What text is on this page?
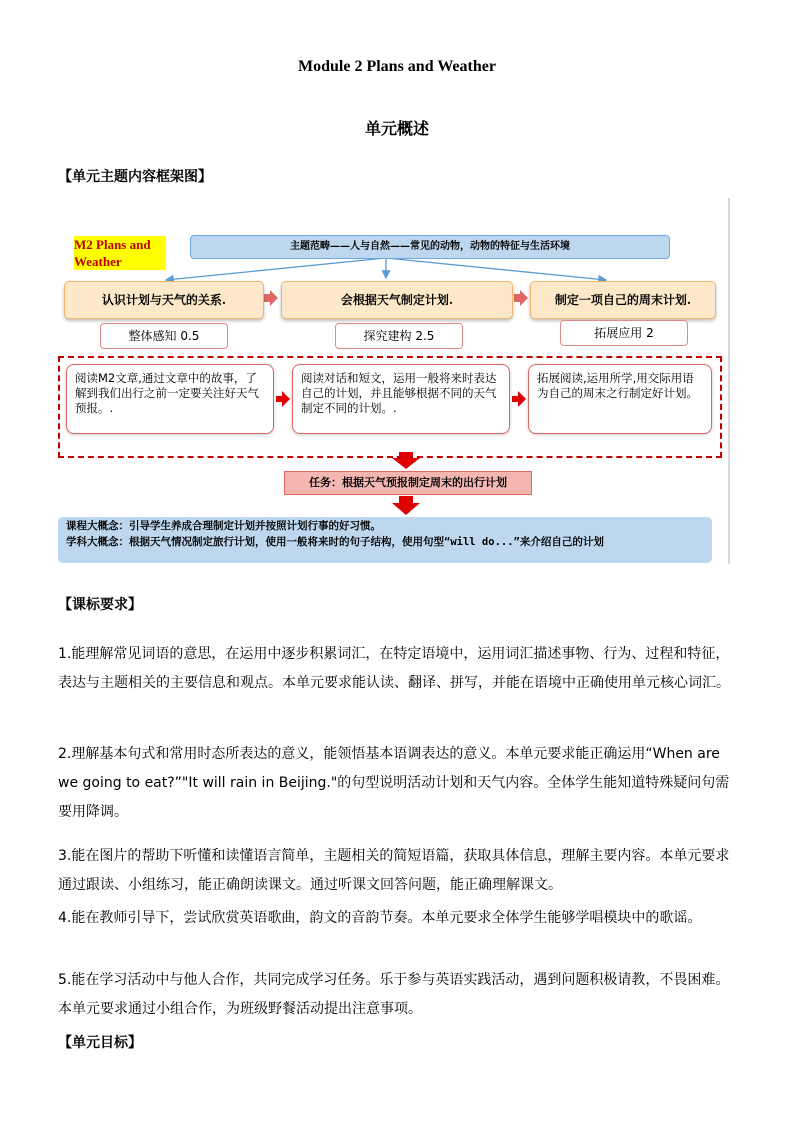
Module 2 Plans and Weather
单元概述
【单元主题内容框架图】
M2 Plans and Weather
主题范畴——人与自然——常见的动物，动物的特征与生活环境
认识计划与天气的关系.	会根据天气制定计划.	制定一项自己的周末计划.
整体感知 0.5	探究建构 2.5	拓展应用 2
阅读M2文章,通过文章中的故事，了解到我们出行之前一定要关注好天气预报。.
阅读对话和短文，运用一般将来时表达自己的计划，并且能够根据不同的天气制定不同的计划。.
拓展阅读,运用所学,用交际用语为自己的周末之行制定好计划。
任务：根据天气预报制定周末的出行计划
课程大概念：引导学生养成合理制定计划并按照计划行事的好习惯。
学科大概念：根据天气情况制定旅行计划，使用一般将来时的句子结构，使用句型“will do...”来介绍自己的计划
【课标要求】
1.能理解常见词语的意思，在运用中逐步积累词汇，在特定语境中，运用词汇描述事物、行为、过程和特征，表达与主题相关的主要信息和观点。本单元要求能认读、翻译、拼写，并能在语境中正确使用单元核心词汇。
2.理解基本句式和常用时态所表达的意义，能领悟基本语调表达的意义。本单元要求能正确运用“When are we going to eat?”"It will rain in Beijing."的句型说明活动计划和天气内容。全体学生能知道特殊疑问句需要用降调。
3.能在图片的帮助下听懂和读懂语言简单，主题相关的简短语篇，获取具体信息，理解主要内容。本单元要求通过跟读、小组练习，能正确朗读课文。通过听课文回答问题，能正确理解课文。
4.能在教师引导下，尝试欣赏英语歌曲，韵文的音韵节奏。本单元要求全体学生能够学唱模块中的歌谣。
5.能在学习活动中与他人合作，共同完成学习任务。乐于参与英语实践活动，遇到问题积极请教，不畏困难。本单元要求通过小组合作，为班级野餐活动提出注意事项。
【单元目标】
